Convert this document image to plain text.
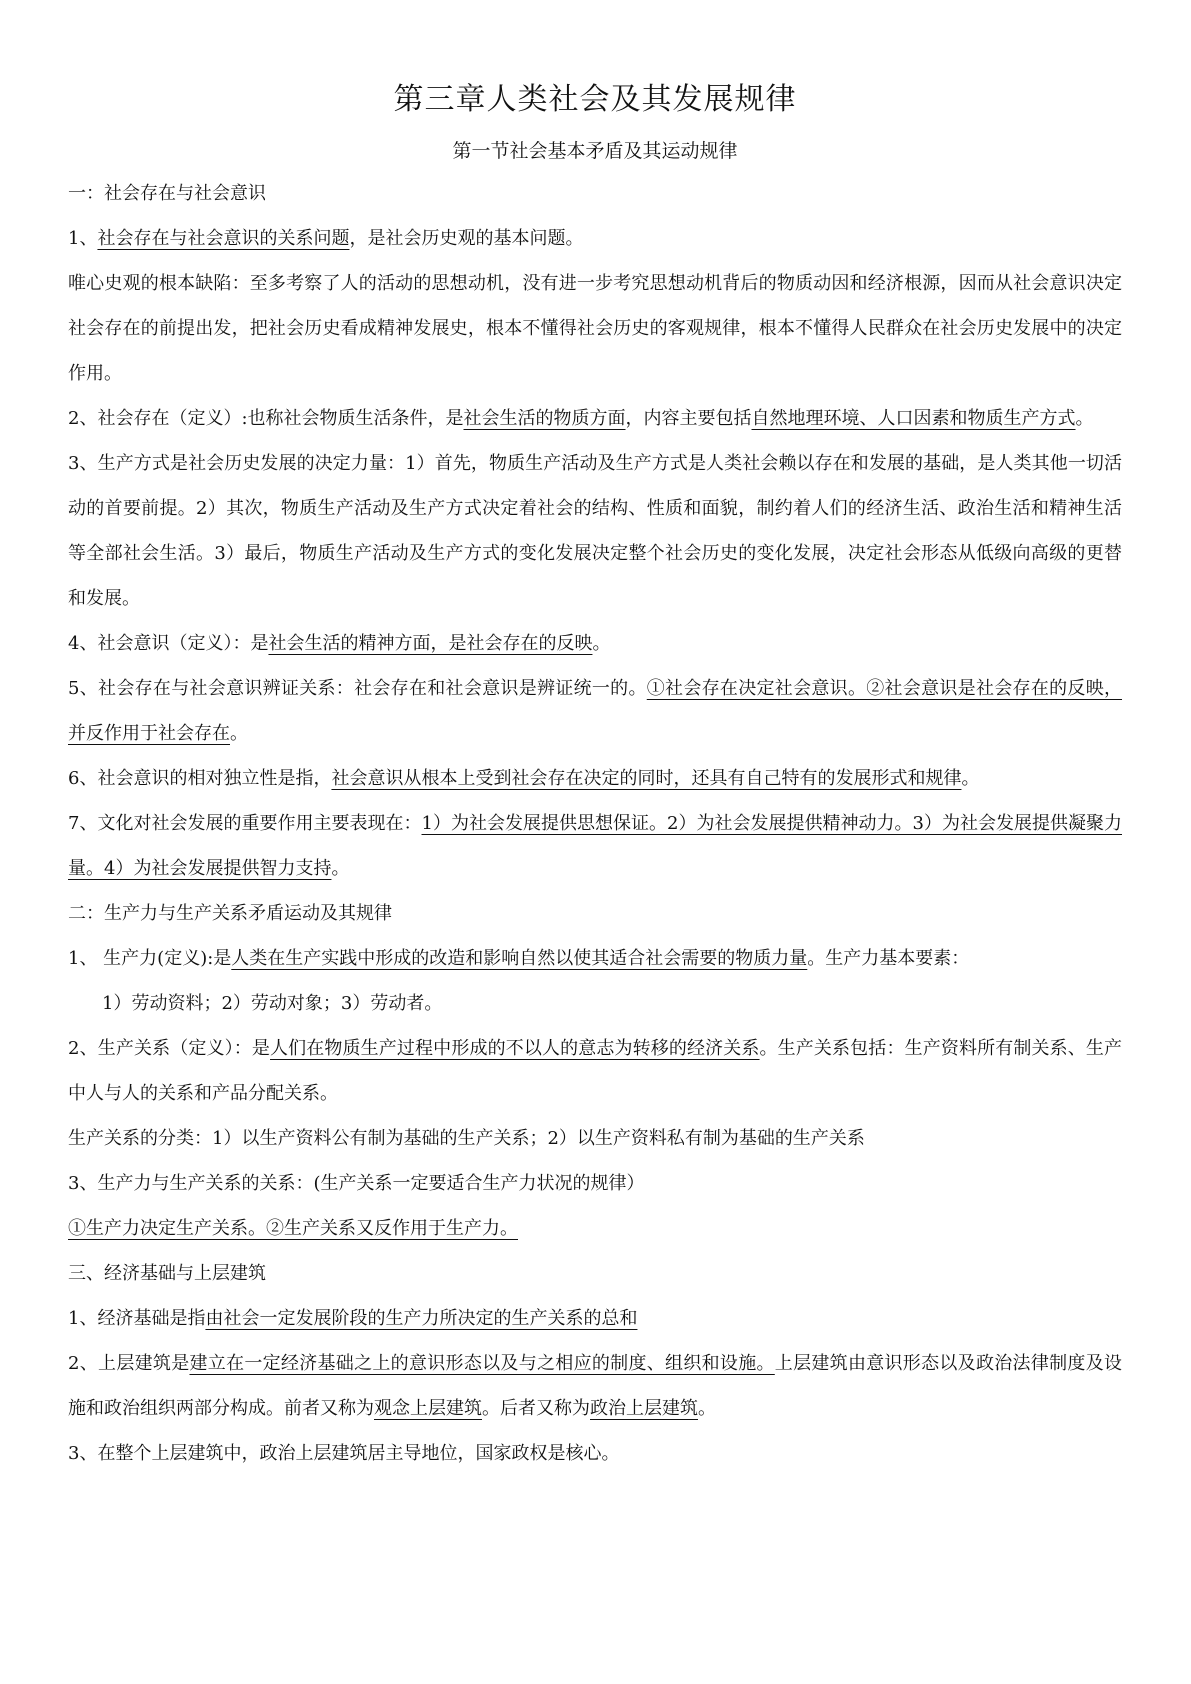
第三章人类社会及其发展规律
第一节社会基本矛盾及其运动规律

一：社会存在与社会意识

1、社会存在与社会意识的关系问题，是社会历史观的基本问题。

唯心史观的根本缺陷：至多考察了人的活动的思想动机，没有进一步考究思想动机背后的物质动因和经济根源，因而从社会意识决定社会存在的前提出发，把社会历史看成精神发展史，根本不懂得社会历史的客观规律，根本不懂得人民群众在社会历史发展中的决定作用。

2、社会存在（定义）:也称社会物质生活条件，是社会生活的物质方面，内容主要包括自然地理环境、人口因素和物质生产方式。

3、生产方式是社会历史发展的决定力量：1）首先，物质生产活动及生产方式是人类社会赖以存在和发展的基础，是人类其他一切活动的首要前提。2）其次，物质生产活动及生产方式决定着社会的结构、性质和面貌，制约着人们的经济生活、政治生活和精神生活等全部社会生活。3）最后，物质生产活动及生产方式的变化发展决定整个社会历史的变化发展，决定社会形态从低级向高级的更替和发展。

4、社会意识（定义）：是社会生活的精神方面，是社会存在的反映。

5、社会存在与社会意识辨证关系：社会存在和社会意识是辨证统一的。①社会存在决定社会意识。②社会意识是社会存在的反映，并反作用于社会存在。

6、社会意识的相对独立性是指，社会意识从根本上受到社会存在决定的同时，还具有自己特有的发展形式和规律。

7、文化对社会发展的重要作用主要表现在：1）为社会发展提供思想保证。2）为社会发展提供精神动力。3）为社会发展提供凝聚力量。4）为社会发展提供智力支持。

二：生产力与生产关系矛盾运动及其规律

1、 生产力(定义):是人类在生产实践中形成的改造和影响自然以使其适合社会需要的物质力量。生产力基本要素：

1）劳动资料；2）劳动对象；3）劳动者。

2、生产关系（定义）：是人们在物质生产过程中形成的不以人的意志为转移的经济关系。生产关系包括：生产资料所有制关系、生产中人与人的关系和产品分配关系。

生产关系的分类：1）以生产资料公有制为基础的生产关系；2）以生产资料私有制为基础的生产关系

3、生产力与生产关系的关系：(生产关系一定要适合生产力状况的规律）

①生产力决定生产关系。②生产关系又反作用于生产力。

三、经济基础与上层建筑

1、经济基础是指由社会一定发展阶段的生产力所决定的生产关系的总和

2、上层建筑是建立在一定经济基础之上的意识形态以及与之相应的制度、组织和设施。上层建筑由意识形态以及政治法律制度及设施和政治组织两部分构成。前者又称为观念上层建筑。后者又称为政治上层建筑。

3、在整个上层建筑中，政治上层建筑居主导地位，国家政权是核心。
